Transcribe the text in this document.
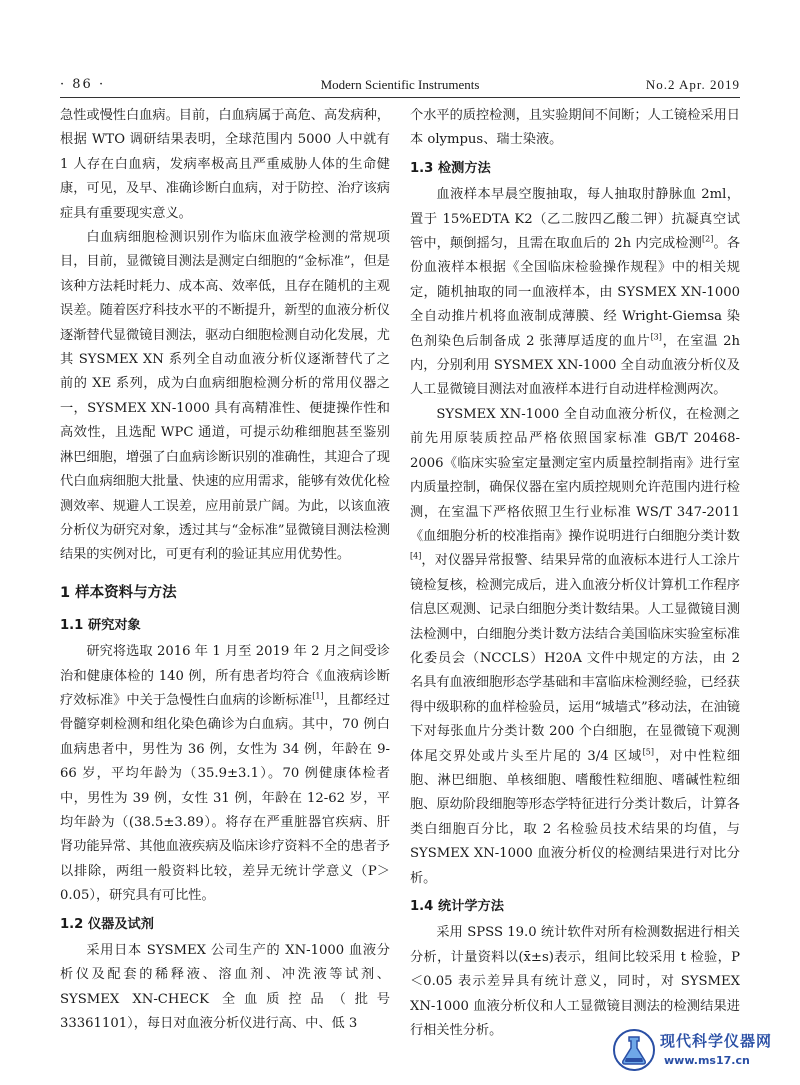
· 86 ·	Modern Scientific Instruments	No.2 Apr. 2019

急性或慢性白血病。目前，白血病属于高危、高发病种，根据 WTO 调研结果表明，全球范围内 5000 人中就有 1 人存在白血病，发病率极高且严重威胁人体的生命健康，可见，及早、准确诊断白血病，对于防控、治疗该病症具有重要现实意义。

白血病细胞检测识别作为临床血液学检测的常规项目，目前，显微镜目测法是测定白细胞的“金标准”，但是该种方法耗时耗力、成本高、效率低，且存在随机的主观误差。随着医疗科技水平的不断提升，新型的血液分析仪逐渐替代显微镜目测法，驱动白细胞检测自动化发展，尤其 SYSMEX XN 系列全自动血液分析仪逐渐替代了之前的 XE 系列，成为白血病细胞检测分析的常用仪器之一，SYSMEX XN-1000 具有高精准性、便捷操作性和高效性，且选配 WPC 通道，可提示幼稚细胞甚至鉴别淋巴细胞，增强了白血病诊断识别的准确性，其迎合了现代白血病细胞大批量、快速的应用需求，能够有效优化检测效率、规避人工误差，应用前景广阔。为此，以该血液分析仪为研究对象，透过其与“金标准”显微镜目测法检测结果的实例对比，可更有利的验证其应用优势性。

1 样本资料与方法
1.1 研究对象

研究将选取 2016 年 1 月至 2019 年 2 月之间受诊治和健康体检的 140 例，所有患者均符合《血液病诊断疗效标准》中关于急慢性白血病的诊断标准[1]，且都经过骨髓穿刺检测和组化染色确诊为白血病。其中，70 例白血病患者中，男性为 36 例，女性为 34 例，年龄在 9-66 岁，平均年龄为（35.9±3.1）。70 例健康体检者中，男性为 39 例，女性 31 例，年龄在 12-62 岁，平均年龄为（(38.5±3.89）。将存在严重脏器官疾病、肝肾功能异常、其他血液疾病及临床诊疗资料不全的患者予以排除，两组一般资料比较，差异无统计学意义（P＞0.05），研究具有可比性。

1.2 仪器及试剂

采用日本 SYSMEX 公司生产的 XN-1000 血液分析仪及配套的稀释液、溶血剂、冲洗液等试剂、SYSMEX XN-CHECK 全血质控品（批号 33361101），每日对血液分析仪进行高、中、低 3

个水平的质控检测，且实验期间不间断；人工镜检采用日本 olympus、瑞士染液。

1.3 检测方法

血液样本早晨空腹抽取，每人抽取肘静脉血 2ml，置于 15%EDTA K2（乙二胺四乙酸二钾）抗凝真空试管中，颠倒摇匀，且需在取血后的 2h 内完成检测[2]。各份血液样本根据《全国临床检验操作规程》中的相关规定，随机抽取的同一血液样本，由 SYSMEX XN-1000 全自动推片机将血液制成薄膜、经 Wright-Giemsa 染色剂染色后制备成 2 张薄厚适度的血片[3]，在室温 2h 内，分别利用 SYSMEX XN-1000 全自动血液分析仪及人工显微镜目测法对血液样本进行自动进样检测两次。

SYSMEX XN-1000 全自动血液分析仪，在检测之前先用原装质控品严格依照国家标准 GB/T 20468-2006《临床实验室定量测定室内质量控制指南》进行室内质量控制，确保仪器在室内质控规则允许范围内进行检测，在室温下严格依照卫生行业标准 WS/T 347-2011《血细胞分析的校准指南》操作说明进行白细胞分类计数[4]，对仪器异常报警、结果异常的血液标本进行人工涂片镜检复核，检测完成后，进入血液分析仪计算机工作程序信息区观测、记录白细胞分类计数结果。人工显微镜目测法检测中，白细胞分类计数方法结合美国临床实验室标准化委员会（NCCLS）H20A 文件中规定的方法，由 2 名具有血液细胞形态学基础和丰富临床检测经验，已经获得中级职称的血样检验员，运用“城墙式”移动法，在油镜下对每张血片分类计数 200 个白细胞，在显微镜下观测体尾交界处或片头至片尾的 3/4 区域[5]，对中性粒细胞、淋巴细胞、单核细胞、嗜酸性粒细胞、嗜碱性粒细胞、原幼阶段细胞等形态学特征进行分类计数后，计算各类白细胞百分比，取 2 名检验员技术结果的均值，与 SYSMEX XN-1000 血液分析仪的检测结果进行对比分析。

1.4 统计学方法

采用 SPSS 19.0 统计软件对所有检测数据进行相关分析，计量资料以(x̄±s)表示，组间比较采用 t 检验，P＜0.05 表示差异具有统计意义，同时，对 SYSMEX XN-1000 血液分析仪和人工显微镜目测法的检测结果进行相关性分析。

现代科学仪器网
www.ms17.cn
